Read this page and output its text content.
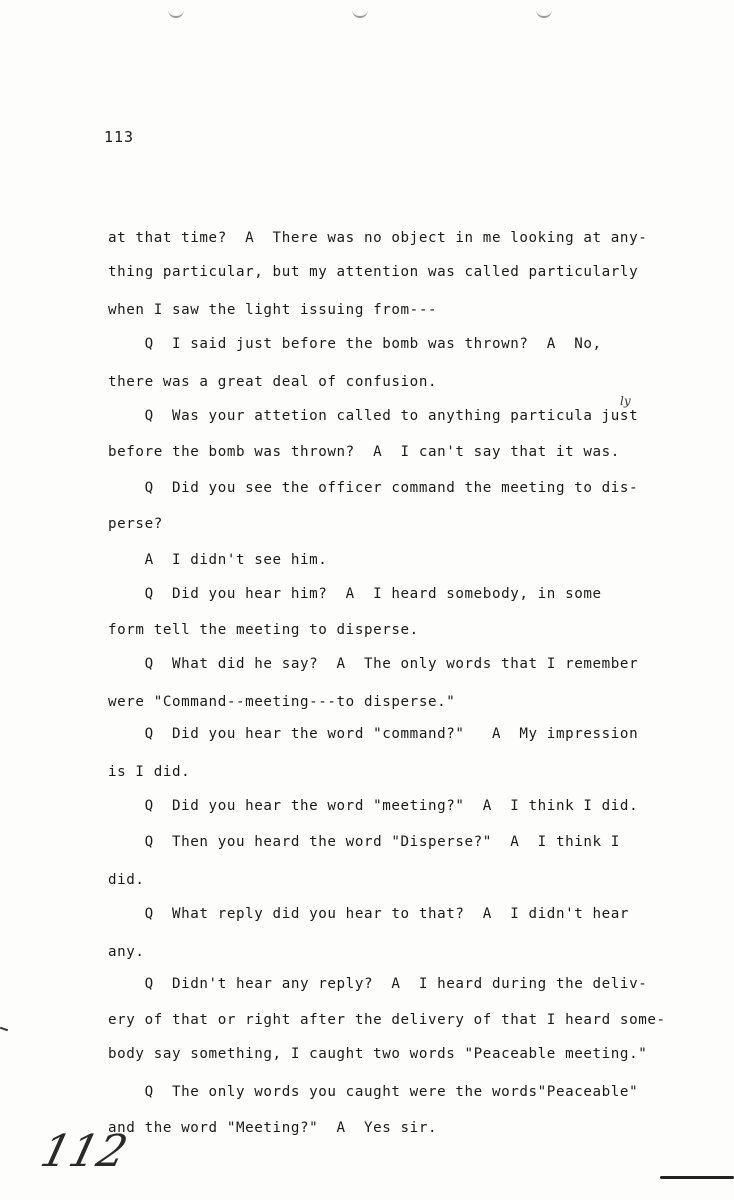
113
at that time?  A  There was no object in me looking at any-
thing particular, but my attention was called particularly
when I saw the light issuing from---
Q  I said just before the bomb was thrown?  A  No,
there was a great deal of confusion.
Q  Was your attetion called to anything particula just
before the bomb was thrown?  A  I can't say that it was.
Q  Did you see the officer command the meeting to dis-
perse?
A  I didn't see him.
Q  Did you hear him?  A  I heard somebody, in some
form tell the meeting to disperse.
Q  What did he say?  A  The only words that I remember
were "Command--meeting---to disperse."
Q  Did you hear the word "command?"   A  My impression
is I did.
Q  Did you hear the word "meeting?"  A  I think I did.
Q  Then you heard the word "Disperse?"  A  I think I
did.
Q  What reply did you hear to that?  A  I didn't hear
any.
Q  Didn't hear any reply?  A  I heard during the deliv-
ery of that or right after the delivery of that I heard some-
body say something, I caught two words "Peaceable meeting."
Q  The only words you caught were the words"Peaceable"
and the word "Meeting?"  A  Yes sir.
ly
112
